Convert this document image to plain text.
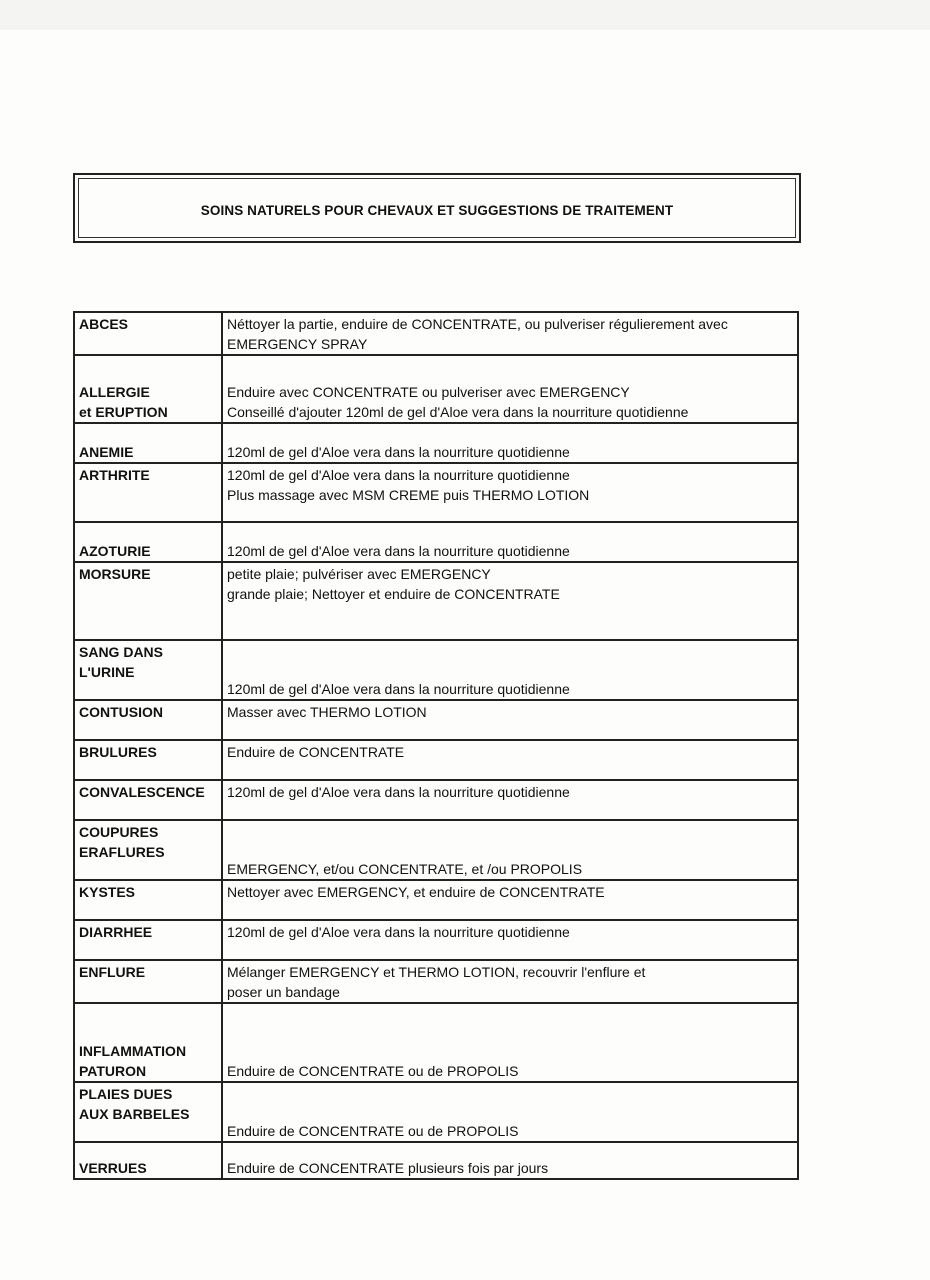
SOINS NATURELS POUR CHEVAUX ET SUGGESTIONS DE TRAITEMENT
ABCES	Néttoyer la partie, enduire de CONCENTRATE, ou pulveriser régulierement avec
EMERGENCY SPRAY

ALLERGIE
et ERUPTION	Enduire avec CONCENTRATE ou pulveriser avec EMERGENCY
Conseillé d'ajouter 120ml de gel d'Aloe vera dans la nourriture quotidienne

ANEMIE	120ml de gel d'Aloe vera dans la nourriture quotidienne

ARTHRITE	120ml de gel d'Aloe vera dans la nourriture quotidienne
Plus massage avec MSM CREME puis THERMO LOTION

AZOTURIE	120ml de gel d'Aloe vera dans la nourriture quotidienne

MORSURE	petite plaie; pulvériser avec EMERGENCY
grande plaie; Nettoyer et enduire de CONCENTRATE

SANG DANS
L'URINE	120ml de gel d'Aloe vera dans la nourriture quotidienne

CONTUSION	Masser avec THERMO LOTION

BRULURES	Enduire de CONCENTRATE

CONVALESCENCE	120ml de gel d'Aloe vera dans la nourriture quotidienne

COUPURES
ERAFLURES	EMERGENCY, et/ou CONCENTRATE, et /ou PROPOLIS

KYSTES	Nettoyer avec EMERGENCY, et enduire de CONCENTRATE

DIARRHEE	120ml de gel d'Aloe vera dans la nourriture quotidienne

ENFLURE	Mélanger EMERGENCY et THERMO LOTION, recouvrir l'enflure et
poser un bandage

INFLAMMATION
PATURON	Enduire de CONCENTRATE ou de PROPOLIS

PLAIES DUES
AUX BARBELES	Enduire de CONCENTRATE ou de PROPOLIS

VERRUES	Enduire de CONCENTRATE plusieurs fois par jours
